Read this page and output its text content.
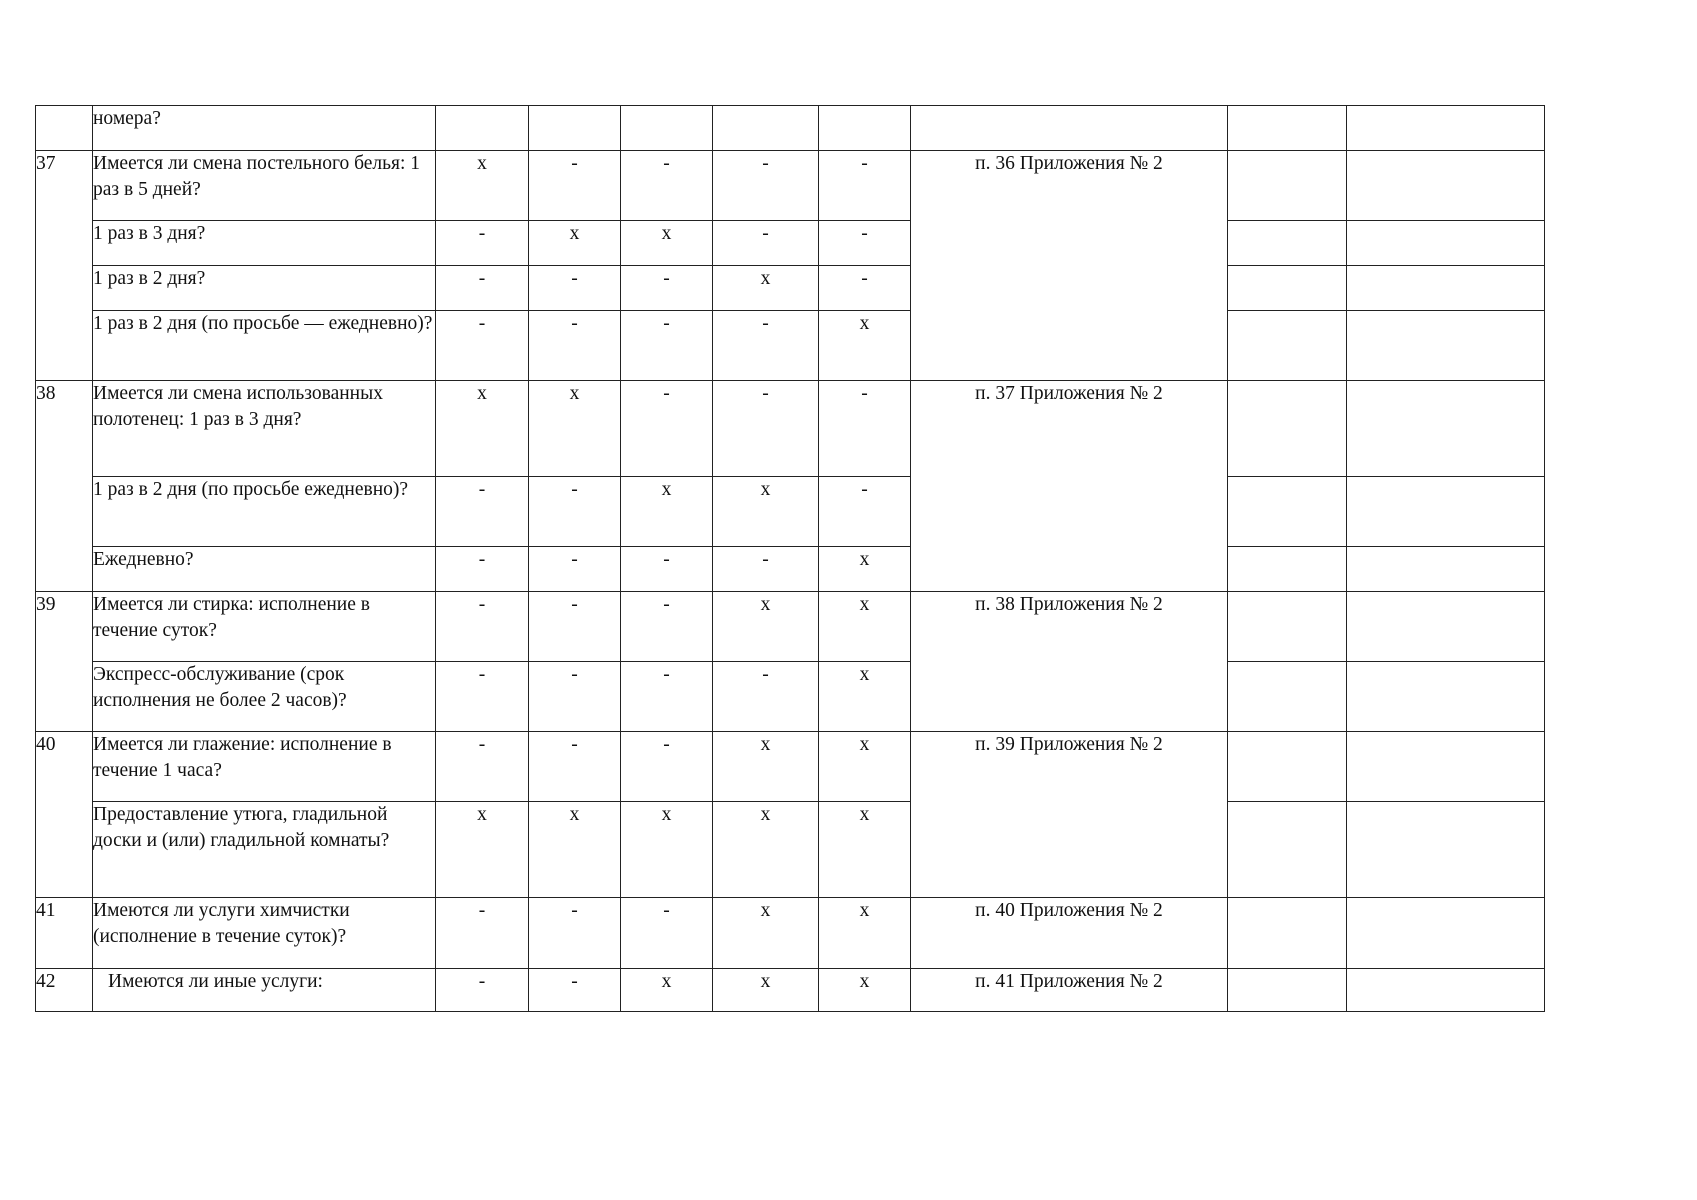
	номера?								
37	Имеется ли смена постельного белья: 1 раз в 5 дней?	х	-	-	-	-	п. 36 Приложения № 2		
	1 раз в 3 дня?	-	х	х	-	-			
	1 раз в 2 дня?	-	-	-	х	-			
	1 раз в 2 дня (по просьбе — ежедневно)?	-	-	-	-	х			
38	Имеется ли смена использованных полотенец: 1 раз в 3 дня?	х	х	-	-	-	п. 37 Приложения № 2		
	1 раз в 2 дня (по просьбе ежедневно)?	-	-	х	х	-			
	Ежедневно?	-	-	-	-	х			
39	Имеется ли стирка: исполнение в течение суток?	-	-	-	х	х	п. 38 Приложения № 2		
	Экспресс-обслуживание (срок исполнения не более 2 часов)?	-	-	-	-	х			
40	Имеется ли глажение: исполнение в течение 1 часа?	-	-	-	х	х	п. 39 Приложения № 2		
	Предоставление утюга, гладильной доски и (или) гладильной комнаты?	х	х	х	х	х			
41	Имеются ли услуги химчистки (исполнение в течение суток)?	-	-	-	х	х	п. 40 Приложения № 2		
42	Имеются ли иные услуги:	-	-	х	х	х	п. 41 Приложения № 2		
